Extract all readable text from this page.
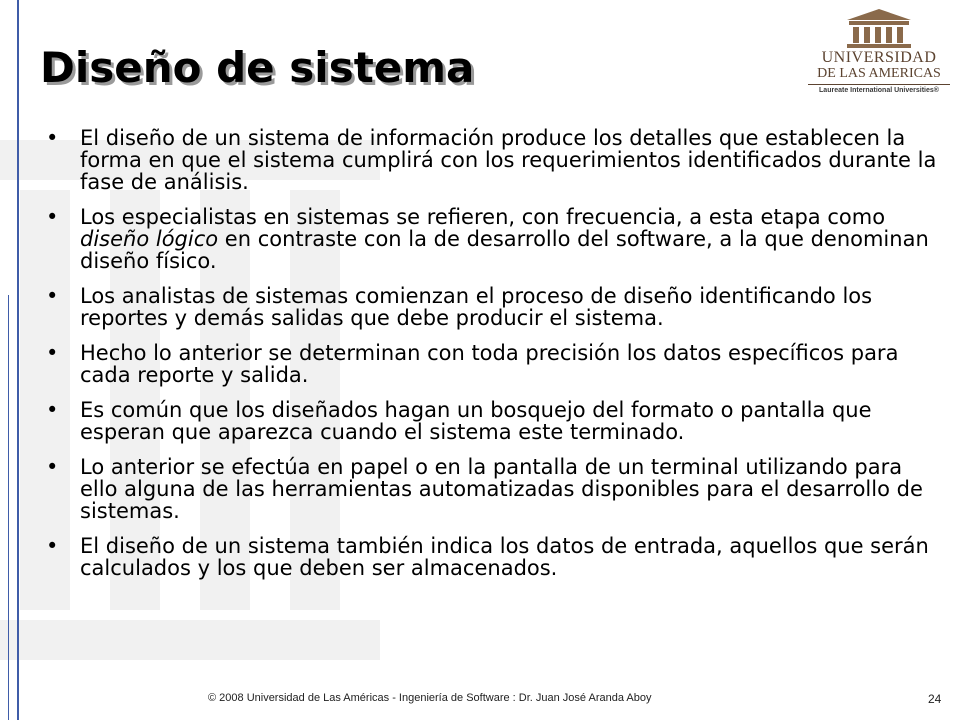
Diseño de sistema	UNIVERSIDAD
DE LAS AMERICAS
Laureate International Universities®
• El diseño de un sistema de información produce los detalles que establecen la forma en que el sistema cumplirá con los requerimientos identificados durante la fase de análisis.
• Los especialistas en sistemas se refieren, con frecuencia, a esta etapa como diseño lógico en contraste con la de desarrollo del software, a la que denominan diseño físico.
• Los analistas de sistemas comienzan el proceso de diseño identificando los reportes y demás salidas que debe producir el sistema.
• Hecho lo anterior se determinan con toda precisión los datos específicos para cada reporte y salida.
• Es común que los diseñados hagan un bosquejo del formato o pantalla que esperan que aparezca cuando el sistema este terminado.
• Lo anterior se efectúa en papel o en la pantalla de un terminal utilizando para ello alguna de las herramientas automatizadas disponibles para el desarrollo de sistemas.
• El diseño de un sistema también indica los datos de entrada, aquellos que serán calculados y los que deben ser almacenados.
© 2008 Universidad de Las Américas - Ingeniería de Software : Dr. Juan José Aranda Aboy	24
